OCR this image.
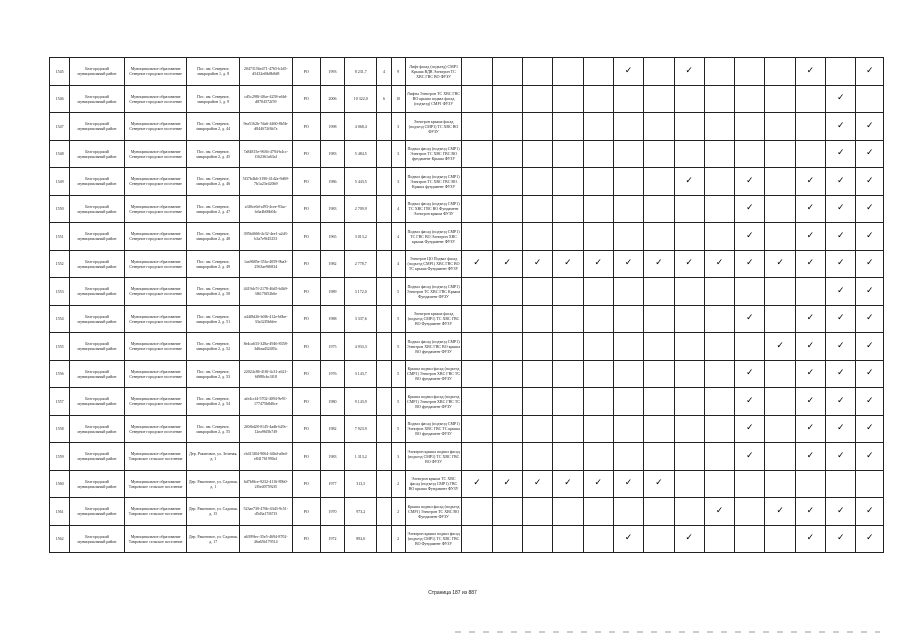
1545	Белгородский муниципальный район	Муниципальное образование Северное городское поселение	Пос. пм. Северное, микрорайон 1, д. 8	20473156e471-4765-b1d5-d5432ef6b8b8d8	РО	1993	8 231,7	4	9	Лифт фасад (подъезд) СМР1 Крыша ВДВ Электрон ТС ХВС ГВС ВО ФУЗУ						✓		✓				✓		✓
1546	Белгородский муниципальный район	Муниципальное образование Северное городское поселение	Пос. пм. Северное, микрорайон 1, д. 9	cd5c298f-48ce-4258-a6fd-d8704572f59	РО	2006	10 322,0	6	10	Лифты Электрон ТС ХВС ГВС ВО крыша подвал фасад (подъезд) СМР1 ФУЗУ													✓	
1547	Белгородский муниципальный район	Муниципальное образование Северное городское поселение	Пос. пм. Северное, микрорайон 2, д. 44	9ea5162b-7da6-4460-8b5b-d844672f6b7a	РО	1998	4 068,4		3	Электрон крыша фасад (подъезд СМР1) ТС ХВС ВО ФУЗУ													✓	✓
1548	Белгородский муниципальный район	Муниципальное образование Северное городское поселение	Пос. пм. Северное, микрорайон 2, д. 45	7a84815e-9636-4794-b4cc-f162361a63af	РО	1983	5 484,5		3	Подвал фасад (подъезд СМР1) Электрон ТС ХВС ГВС ВО фундамент Крыша ФУЗУ													✓	✓
1549	Белгородский муниципальный район	Муниципальное образование Северное городское поселение	Пос. пм. Северное, микрорайон 2, д. 46	5f37b4b6-3190-41d2a-9d69-7b1a23e420b9	РО	1986	5 443,5		3	Подвал фасад (подъезд СМР1) Электрон ТС ХВС ГВС ВО Крыша фундамент ФУЗУ								✓		✓		✓	✓	✓
1550	Белгородский муниципальный район	Муниципальное образование Северное городское поселение	Пос. пм. Северное, микрорайон 2, д. 47	a3f0ce6d-af93-4cee-93ac-fc6a4b06b04c	РО	1983	2 709,9		4	Подвал фасад (подъезд СМР1) ТС ХВС ГВС ВО Фундамент Электрон крыша ФУЗУ										✓		✓	✓	✓
1551	Белгородский муниципальный район	Муниципальное образование Северное городское поселение	Пос. пм. Северное, микрорайон 2, д. 48	395b4666-4c32-4ee1-a2d3-b3a7e9f45253	РО	1965	3 013,2		4	Подвал фасад (подъезд СМР1) ТС ГВС ВО Электрон ХВС крыша Фундамент ФУЗУ										✓		✓	✓	✓
1552	Белгородский муниципальный район	Муниципальное образование Северное городское поселение	Пос. пм. Северное, микрорайон 2, д. 49	1aa9685e-35fa-4059-9ba3-2563ae9f6834	РО	1982	2 778,7		4	Электрон ЦО Подвал фасад (подъезд СМР1) ХВС ГВС ВО ТС крыша Фундамент ФУЗУ	✓	✓	✓	✓	✓	✓	✓	✓	✓	✓	✓	✓	✓	✓
1553	Белгородский муниципальный район	Муниципальное образование Северное городское поселение	Пос. пм. Северное, микрорайон 2, д. 50	4419cb7f-2178-46d5-b4b9-3f6170f52b6e	РО	1989	3 172,0		5	Подвал фасад (подъезд СМР1) Электрон ТС ХВС ГВС Крыша Фундамент ФУЗУ													✓	✓
1554	Белгородский муниципальный район	Муниципальное образование Северное городское поселение	Пос. пм. Северное, микрорайон 2, д. 51	a44f8d26-b0f6-412e-b0be-33a32f5b6fee	РО	1988	3 337,6		5	Электрон крыша фасад (подъезд СМР1) ТС ХВС ГВС ВО Фундамент ФУЗУ										✓		✓	✓	✓
1555	Белгородский муниципальный район	Муниципальное образование Северное городское поселение	Пос. пм. Северное, микрорайон 2, д. 52	8e4ca633-328a-4946-8358-3d6aad32483c	РО	1975	4 933,3		5	Подвал фасад (подъезд СМР1) Электрон ХВС ГВС ВО крыша ВО фундамент ФУЗУ											✓	✓	✓	✓
1556	Белгородский муниципальный район	Муниципальное образование Северное городское поселение	Пос. пм. Северное, микрорайон 2, д. 53	22024c86-418f-4c31-a621-6f980cbc3f18	РО	1976	3 143,7		5	Крыша подвал фасад (подъезд СМР1) Электрон ХВС ГВС ТС ВО фундамент ФУЗУ										✓		✓	✓	✓
1557	Белгородский муниципальный район	Муниципальное образование Северное городское поселение	Пос. пм. Северное, микрорайон 2, д. 54	afe4ccf4-5702-4094-9e91-177475b8d0ce	РО	1980	9 143,9		5	Крыша подвал фасад (подъезд СМР1) Электрон ХВС ГВС ТС ВО фундамент ФУЗУ										✓		✓	✓	✓
1558	Белгородский муниципальный район	Муниципальное образование Северное городское поселение	Пос. пм. Северное, микрорайон 2, д. 55	2f0f6d28-0145-4adb-b29c-12ea96f5b749	РО	1982	7 923,9		5	Подвал фасад (подъезд СМР1) Электрон ХВС ГВС ТС крыша ВО фундамент ФУЗУ										✓		✓	✓	✓
1559	Белгородский муниципальный район	Муниципальное образование Тавровское сельское поселение	Дер. Ракитовое, ул. Зеленая, д. 1	cb413f04-9064-44bd-a0ed-e841761990a1	РО	1983	1 313,2		3	Электрон крыша подвал фасад (подъезд СМР1) ТС ХВС ГВС ВО ФУЗУ										✓		✓	✓	✓
1560	Белгородский муниципальный район	Муниципальное образование Тавровское сельское поселение	Дер. Ракитовое, ул. Садовая, д. 1	6d7b8fce-9232-4116-89b0-2f5e407592f5	РО	1977	313,5		2	Электрон крыша ТС ХВС фасад (подъезд СМР1) ГВС ВО крыша Фундамент ФУЗУ	✓	✓	✓	✓	✓	✓	✓							
1561	Белгородский муниципальный район	Муниципальное образование Тавровское сельское поселение	Дер. Ракитовое, ул. Садовая, д. 15	523ae730-476b-43d3-9c51-d5d3a17f67f3	РО	1970	973,2		2	Крыша подвал фасад (подъезд СМР1) Электрон ТС ХВС ВО Фундамент ФУЗУ									✓		✓	✓	✓	✓
1562	Белгородский муниципальный район	Муниципальное образование Тавровское сельское поселение	Дер. Ракитовое, ул. Садовая, д. 17	a6399fec-35e5-4694-8702-46a65b179514	РО	1972	892,0		2	Электрон крыша подвал фасад (подъезд СМР1) ТС ХВС ГВС ВО Фундамент ФУЗУ						✓		✓				✓	✓	✓
Страница 187 из 887
